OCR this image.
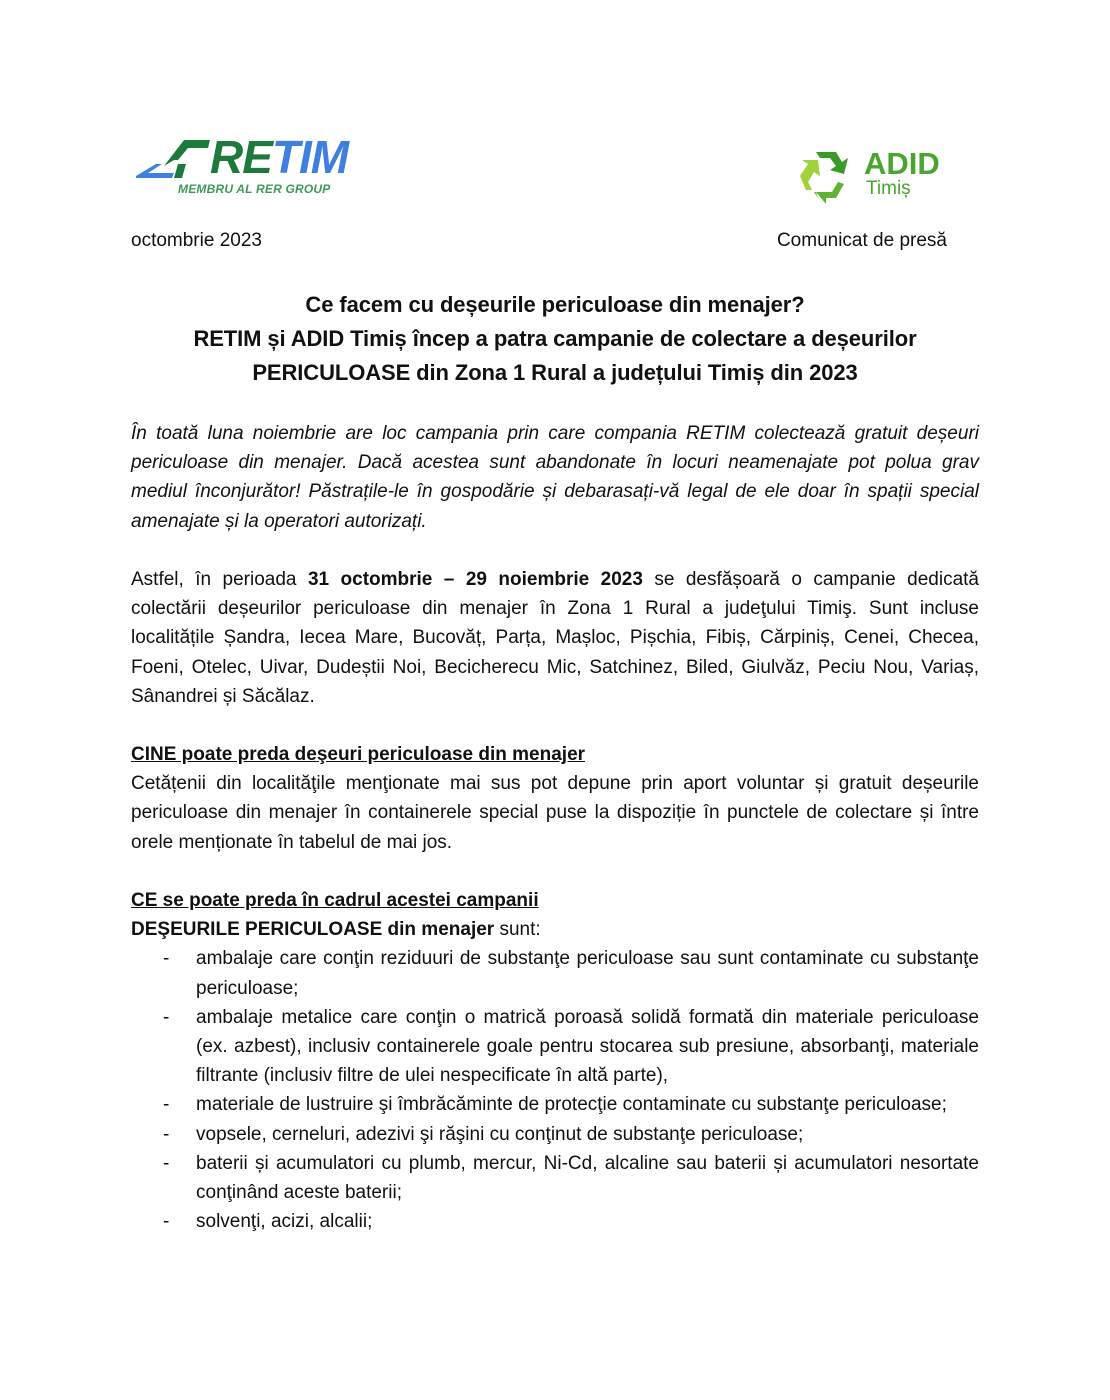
RETIM
MEMBRU AL RER GROUP
ADID
Timiș
octombrie 2023	Comunicat de presă
Ce facem cu deșeurile periculoase din menajer?
RETIM și ADID Timiș încep a patra campanie de colectare a deșeurilor
PERICULOASE din Zona 1 Rural a județului Timiș din 2023

În toată luna noiembrie are loc campania prin care compania RETIM colectează gratuit deșeuri periculoase din menajer. Dacă acestea sunt abandonate în locuri neamenajate pot polua grav mediul înconjurător! Păstrațile-le în gospodărie și debarasați-vă legal de ele doar în spații special amenajate și la operatori autorizați.

Astfel, în perioada 31 octombrie – 29 noiembrie 2023 se desfășoară o campanie dedicată colectării deșeurilor periculoase din menajer în Zona 1 Rural a judeţului Timiş. Sunt incluse localitățile Șandra, Iecea Mare, Bucovăț, Parța, Mașloc, Pișchia, Fibiș, Cărpiniș, Cenei, Checea, Foeni, Otelec, Uivar, Dudeștii Noi, Becicherecu Mic, Satchinez, Biled, Giulvăz, Peciu Nou, Variaș, Sânandrei și Săcălaz.

CINE poate preda deşeuri periculoase din menajer

Cetățenii din localităţile menţionate mai sus pot depune prin aport voluntar și gratuit deșeurile periculoase din menajer în containerele special puse la dispoziție în punctele de colectare și între orele menționate în tabelul de mai jos.

CE se poate preda în cadrul acestei campanii

DEŞEURILE PERICULOASE din menajer sunt:

- ambalaje care conţin reziduuri de substanţe periculoase sau sunt contaminate cu substanţe periculoase;
- ambalaje metalice care conţin o matrică poroasă solidă formată din materiale periculoase (ex. azbest), inclusiv containerele goale pentru stocarea sub presiune, absorbanţi, materiale filtrante (inclusiv filtre de ulei nespecificate în altă parte),
- materiale de lustruire şi îmbrăcăminte de protecţie contaminate cu substanţe periculoase;
- vopsele, cerneluri, adezivi şi răşini cu conţinut de substanţe periculoase;
- baterii și acumulatori cu plumb, mercur, Ni-Cd, alcaline sau baterii și acumulatori nesortate conţinând aceste baterii;
- solvenţi, acizi, alcalii;
